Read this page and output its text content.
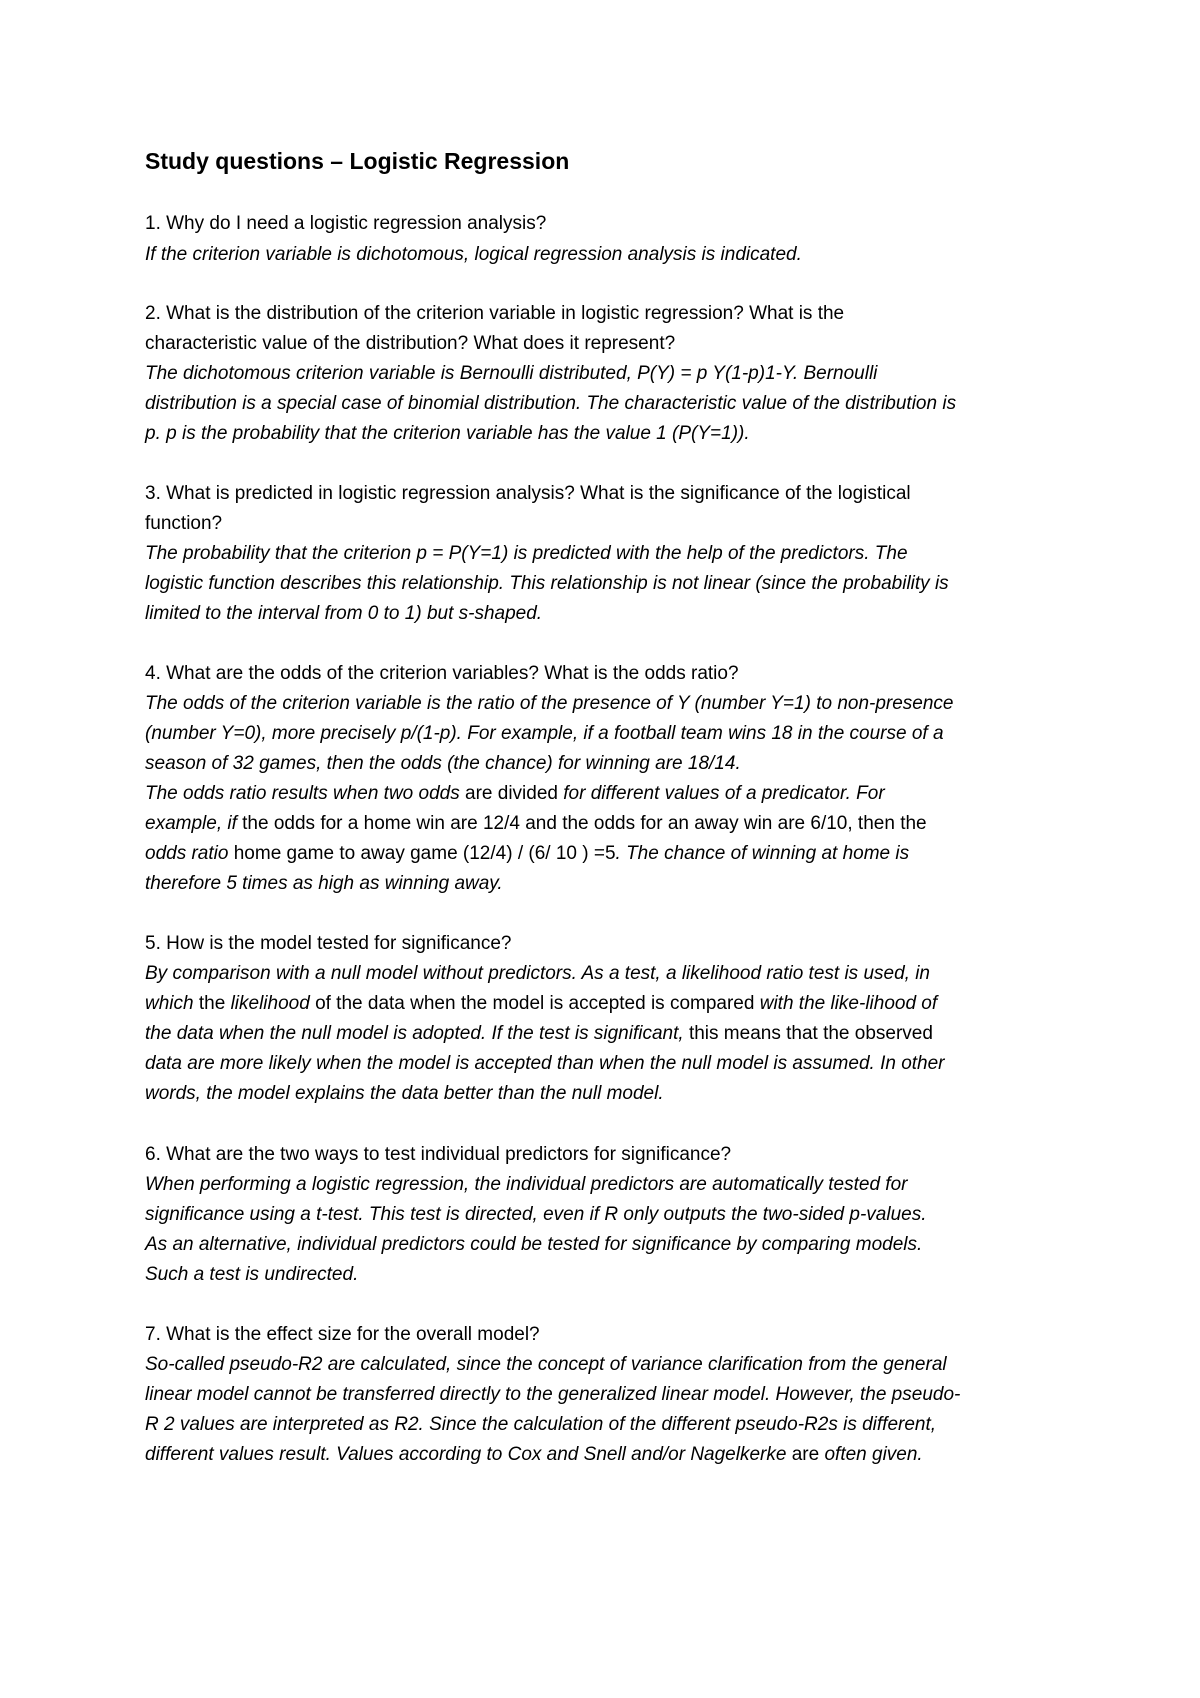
Study questions – Logistic Regression
1. Why do I need a logistic regression analysis?
If the criterion variable is dichotomous, logical regression analysis is indicated.
2. What is the distribution of the criterion variable in logistic regression? What is the
characteristic value of the distribution? What does it represent?
The dichotomous criterion variable is Bernoulli distributed, P(Y) = p Y(1-p)1-Y. Bernoulli
distribution is a special case of binomial distribution. The characteristic value of the distribution is
p. p is the probability that the criterion variable has the value 1 (P(Y=1)).
3. What is predicted in logistic regression analysis? What is the significance of the logistical
function?
The probability that the criterion p = P(Y=1) is predicted with the help of the predictors. The
logistic function describes this relationship. This relationship is not linear (since the probability is
limited to the interval from 0 to 1) but s-shaped.
4. What are the odds of the criterion variables? What is the odds ratio?
The odds of the criterion variable is the ratio of the presence of Y (number Y=1) to non-presence
(number Y=0), more precisely p/(1-p). For example, if a football team wins 18 in the course of a
season of 32 games, then the odds (the chance) for winning are 18/14.
The odds ratio results when two odds are divided for different values of a predicator. For
example, if the odds for a home win are 12/4 and the odds for an away win are 6/10, then the
odds ratio home game to away game (12/4) / (6/ 10 ) =5. The chance of winning at home is
therefore 5 times as high as winning away.
5. How is the model tested for significance?
By comparison with a null model without predictors. As a test, a likelihood ratio test is used, in
which the likelihood of the data when the model is accepted is compared with the like-lihood of
the data when the null model is adopted. If the test is significant, this means that the observed
data are more likely when the model is accepted than when the null model is assumed. In other
words, the model explains the data better than the null model.
6. What are the two ways to test individual predictors for significance?
When performing a logistic regression, the individual predictors are automatically tested for
significance using a t-test. This test is directed, even if R only outputs the two-sided p-values.
As an alternative, individual predictors could be tested for significance by comparing models.
Such a test is undirected.
7. What is the effect size for the overall model?
So-called pseudo-R2 are calculated, since the concept of variance clarification from the general
linear model cannot be transferred directly to the generalized linear model. However, the pseudo-
R 2 values are interpreted as R2. Since the calculation of the different pseudo-R2s is different,
different values result. Values according to Cox and Snell and/or Nagelkerke are often given.
